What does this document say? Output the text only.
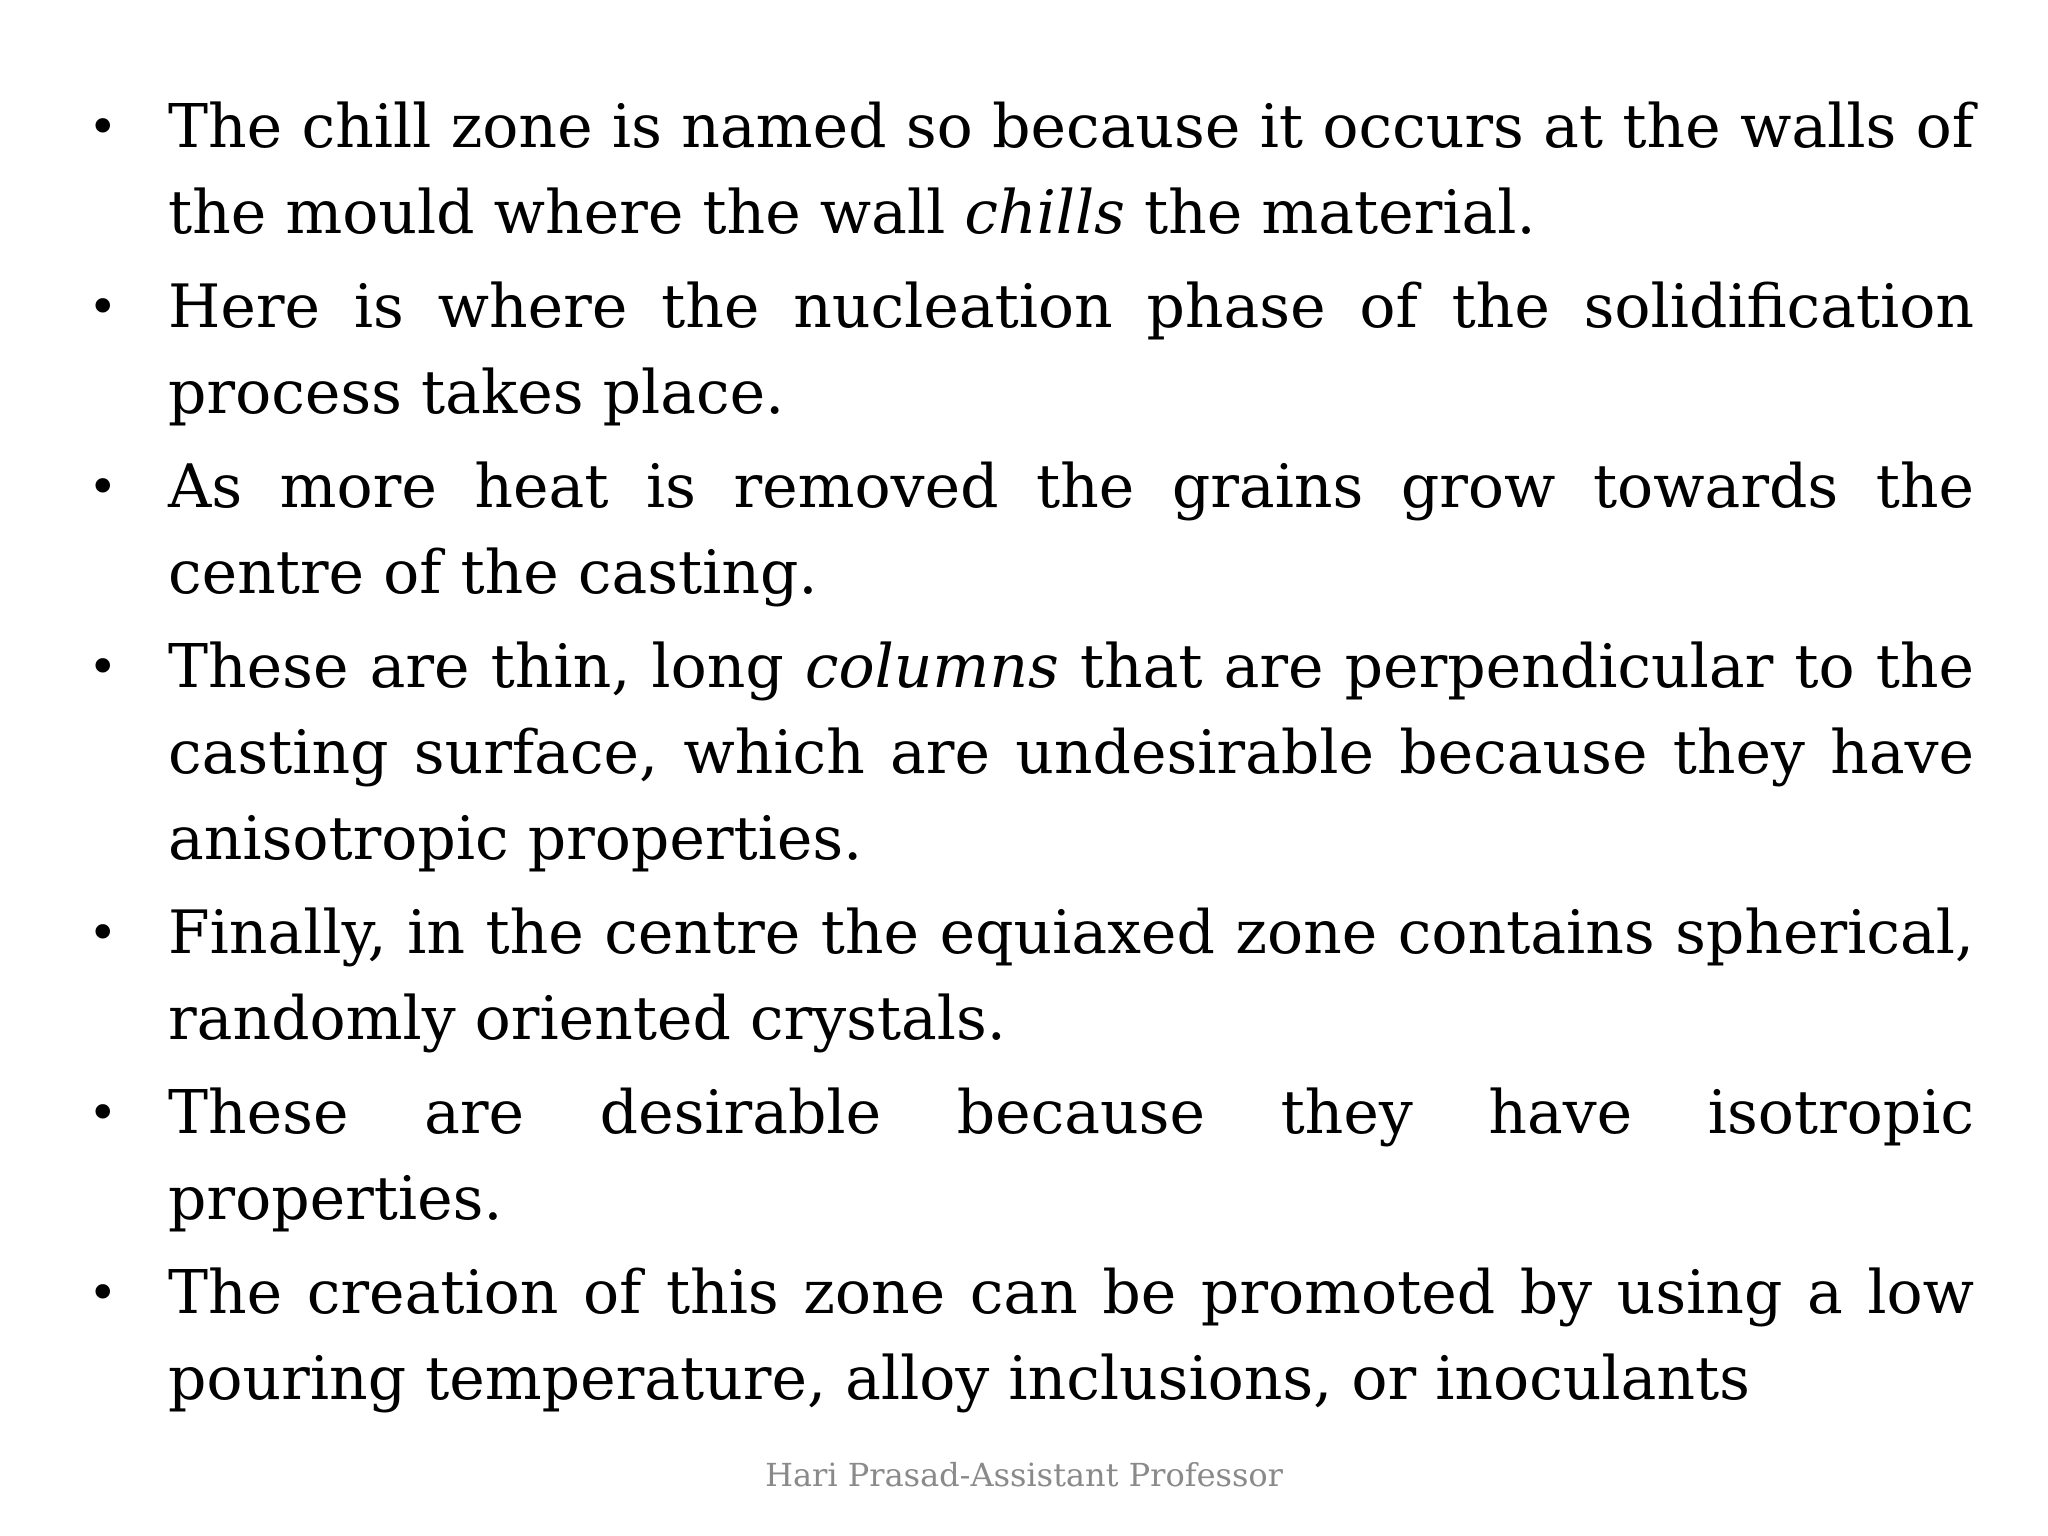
• The chill zone is named so because it occurs at the walls of the mould where the wall chills the material.
• Here is where the nucleation phase of the solidification process takes place.
• As more heat is removed the grains grow towards the centre of the casting.
• These are thin, long columns that are perpendicular to the casting surface, which are undesirable because they have anisotropic properties.
• Finally, in the centre the equiaxed zone contains spherical, randomly oriented crystals.
• These are desirable because they have isotropic properties.
• The creation of this zone can be promoted by using a low pouring temperature, alloy inclusions, or inoculants
Hari Prasad-Assistant Professor
